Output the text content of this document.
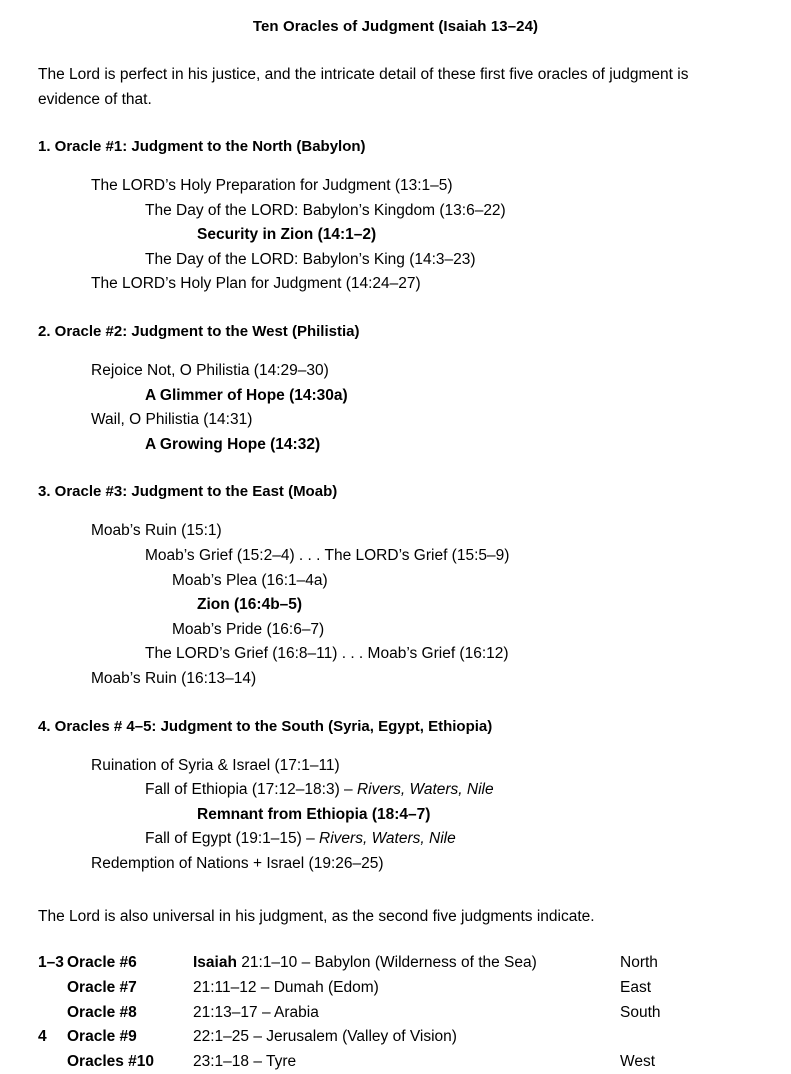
Ten Oracles of Judgment (Isaiah 13–24)
The Lord is perfect in his justice, and the intricate detail of these first five oracles of judgment is evidence of that.
1. Oracle #1: Judgment to the North (Babylon)
The LORD’s Holy Preparation for Judgment (13:1–5)
The Day of the LORD: Babylon’s Kingdom (13:6–22)
Security in Zion (14:1–2)
The Day of the LORD: Babylon’s King (14:3–23)
The LORD’s Holy Plan for Judgment (14:24–27)
2. Oracle #2: Judgment to the West (Philistia)
Rejoice Not, O Philistia (14:29–30)
A Glimmer of Hope (14:30a)
Wail, O Philistia (14:31)
A Growing Hope (14:32)
3. Oracle #3: Judgment to the East (Moab)
Moab’s Ruin (15:1)
Moab’s Grief (15:2–4) . . . The LORD’s Grief (15:5–9)
Moab’s Plea (16:1–4a)
Zion (16:4b–5)
Moab’s Pride (16:6–7)
The LORD’s Grief (16:8–11) . . . Moab’s Grief (16:12)
Moab’s Ruin (16:13–14)
4. Oracles # 4–5: Judgment to the South (Syria, Egypt, Ethiopia)
Ruination of Syria & Israel (17:1–11)
Fall of Ethiopia (17:12–18:3) – Rivers, Waters, Nile
Remnant from Ethiopia (18:4–7)
Fall of Egypt (19:1–15) – Rivers, Waters, Nile
Redemption of Nations + Israel (19:26–25)
The Lord is also universal in his judgment, as the second five judgments indicate.
1–3	Oracle #6	Isaiah 21:1–10 – Babylon (Wilderness of the Sea)	North
	Oracle #7	21:11–12 – Dumah (Edom)	East
	Oracle #8	21:13–17 – Arabia	South
4	Oracle #9	22:1–25 – Jerusalem (Valley of Vision)	
	Oracles #10	23:1–18 – Tyre	West
